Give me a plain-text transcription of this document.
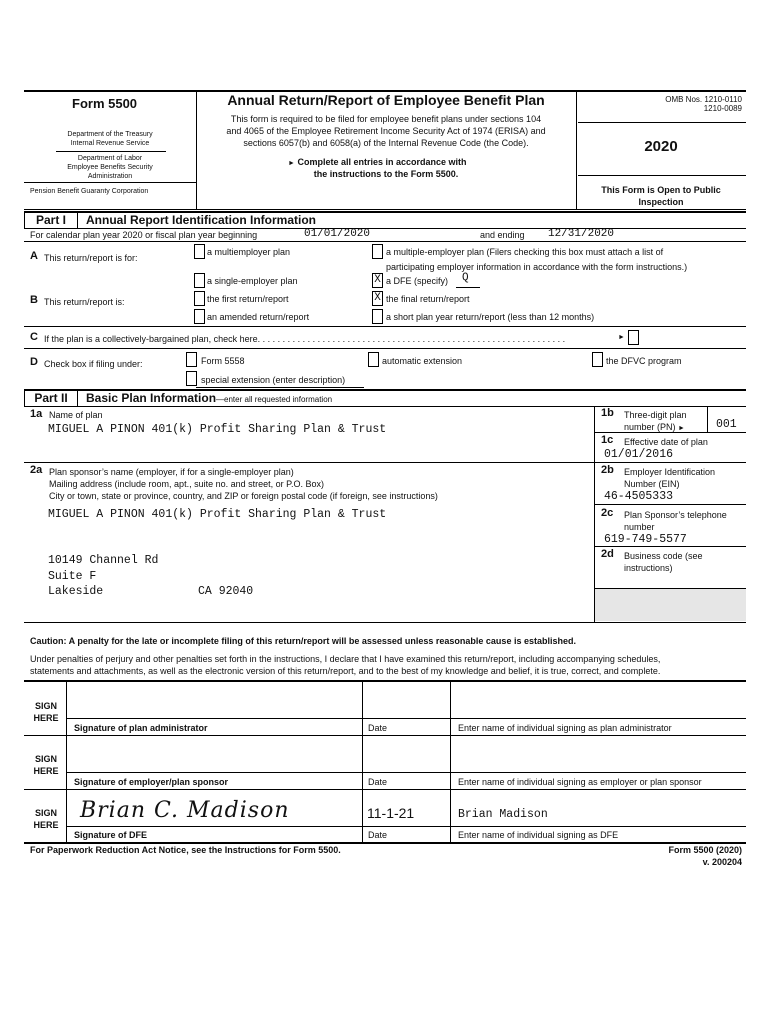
Form 5500
Department of the Treasury
Internal Revenue Service
Department of Labor
Employee Benefits Security
Administration
Pension Benefit Guaranty Corporation
Annual Return/Report of Employee Benefit Plan
This form is required to be filed for employee benefit plans under sections 104
and 4065 of the Employee Retirement Income Security Act of 1974 (ERISA) and
sections 6057(b) and 6058(a) of the Internal Revenue Code (the Code).
► Complete all entries in accordance with
the instructions to the Form 5500.
OMB Nos. 1210-0110
1210-0089
2020
This Form is Open to Public
Inspection
Part I	Annual Report Identification Information
For calendar plan year 2020 or fiscal plan year beginning	01/01/2020	and ending 12/31/2020
A This return/report is for:
a multiemployer plan	a multiple-employer plan (Filers checking this box must attach a list of
participating employer information in accordance with the form instructions.)
a single-employer plan	X a DFE (specify) Q
B This return/report is:	the first return/report	X the final return/report
an amended return/report	a short plan year return/report (less than 12 months)
C If the plan is a collectively-bargained plan, check here. . . . . . . . . . . . . . . . . . . . . . . . . . . . . . . . . . . . . . . . . . . . . . . . . . . . . . . . . . . . . .	►
D Check box if filing under:	Form 5558	automatic extension	the DFVC program
special extension (enter description)
Part II	Basic Plan Information—enter all requested information
1a Name of plan
MIGUEL A PINON 401(k) Profit Sharing Plan & Trust
1b Three-digit plan
number (PN) ►	001
1c Effective date of plan
01/01/2016
2a Plan sponsor’s name (employer, if for a single-employer plan)
Mailing address (include room, apt., suite no. and street, or P.O. Box)
City or town, state or province, country, and ZIP or foreign postal code (if foreign, see instructions)
MIGUEL A PINON 401(k) Profit Sharing Plan & Trust
10149 Channel Rd
Suite F
Lakeside	CA 92040
2b Employer Identification
Number (EIN)
46-4505333
2c Plan Sponsor’s telephone
number
619-749-5577
2d Business code (see
instructions)
Caution: A penalty for the late or incomplete filing of this return/report will be assessed unless reasonable cause is established.
Under penalties of perjury and other penalties set forth in the instructions, I declare that I have examined this return/report, including accompanying schedules,
statements and attachments, as well as the electronic version of this return/report, and to the best of my knowledge and belief, it is true, correct, and complete.
SIGN
HERE
Signature of plan administrator	Date	Enter name of individual signing as plan administrator
SIGN
HERE
Signature of employer/plan sponsor	Date	Enter name of individual signing as employer or plan sponsor
SIGN
HERE
Brian C. Madison	11-1-21	Brian Madison
Signature of DFE	Date	Enter name of individual signing as DFE
For Paperwork Reduction Act Notice, see the Instructions for Form 5500.	Form 5500 (2020)
v. 200204
